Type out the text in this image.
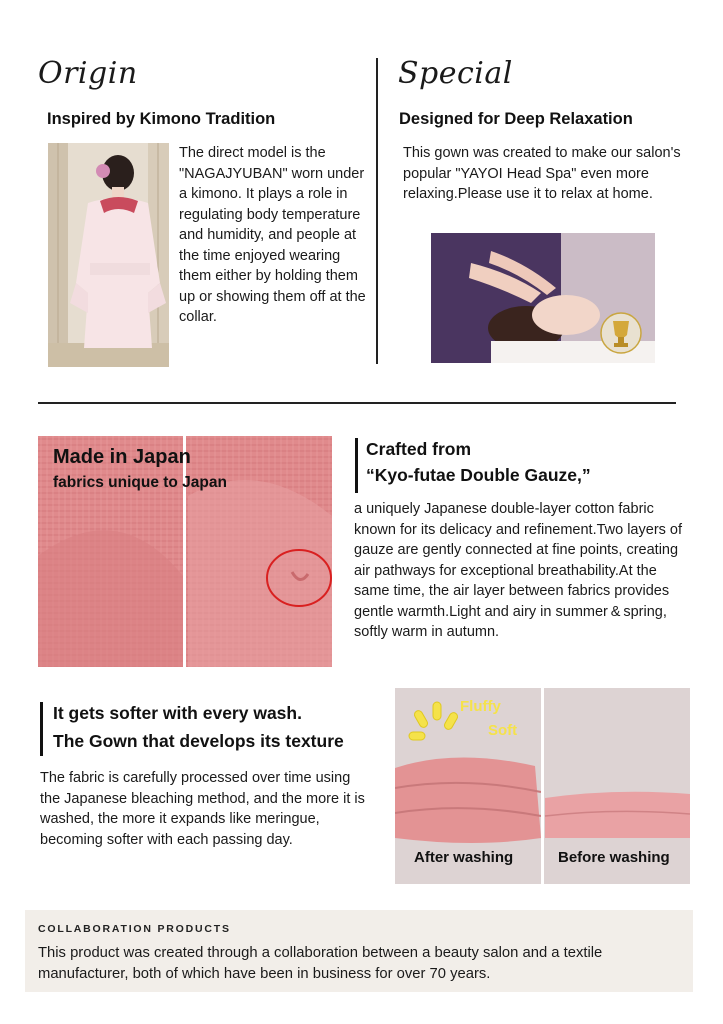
Origin
Inspired by Kimono Tradition
The direct model is the "NAGAJYUBAN" worn under a kimono. It plays a role in regulating body temperature and humidity, and people at the time enjoyed wearing them either by holding them up or showing them off at the collar.
Special
Designed for Deep Relaxation
This gown was created to make our salon's popular "YAYOI Head Spa" even more relaxing.Please use it to relax at home.
Made in Japan
fabrics unique to Japan
Crafted from
“Kyo-futae Double Gauze,”
a uniquely Japanese double-layer cotton fabric known for its delicacy and refinement.Two layers of gauze are gently connected at fine points, creating air pathways for exceptional breathability.At the same time, the air layer between fabrics provides gentle warmth.Light and airy in summer & spring, softly warm in autumn.
It gets softer with every wash.
The Gown that develops its texture
The fabric is carefully processed over time using the Japanese bleaching method, and the more it is washed, the more it expands like meringue, becoming softer with each passing day.
Fluffy
Soft
After washing	Before washing
COLLABORATION PRODUCTS
This product was created through a collaboration between a beauty salon and a textile manufacturer, both of which have been in business for over 70 years.
